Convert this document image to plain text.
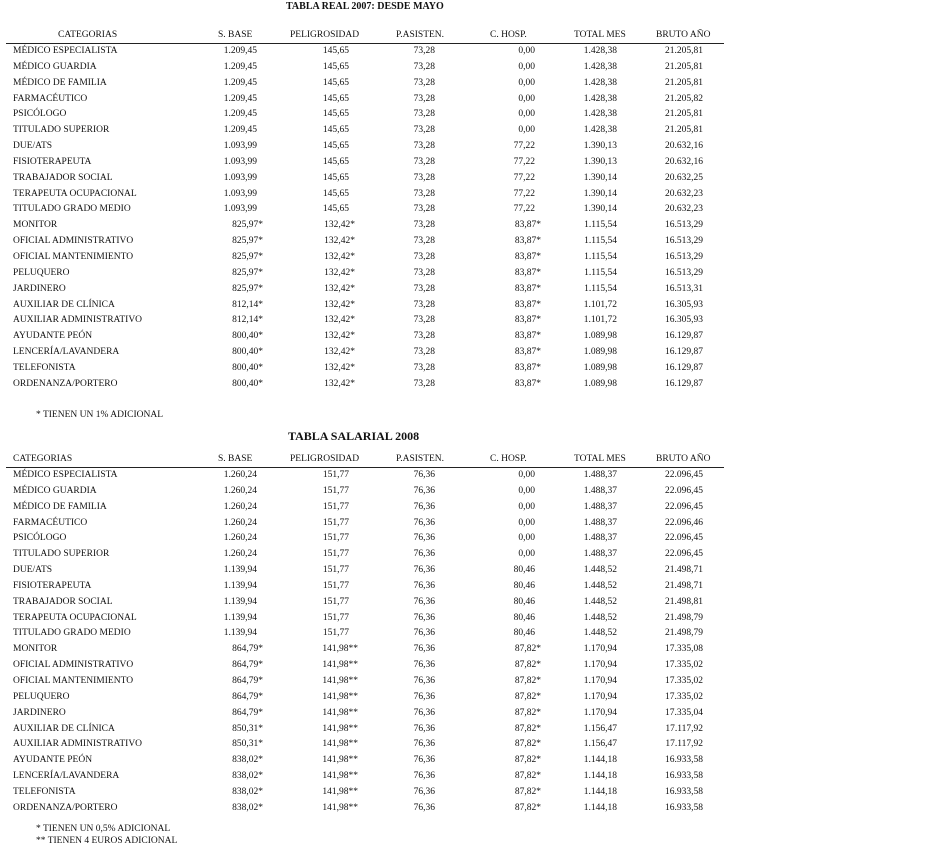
TABLA REAL 2007: DESDE MAYO
CATEGORIAS	S. BASE	PELIGROSIDAD	P.ASISTEN.	C. HOSP.	TOTAL MES	BRUTO AÑO
MÉDICO ESPECIALISTA	1.209,45	145,65	73,28	0,00	1.428,38	21.205,81
MÉDICO GUARDIA	1.209,45	145,65	73,28	0,00	1.428,38	21.205,81
MÉDICO DE FAMILIA	1.209,45	145,65	73,28	0,00	1.428,38	21.205,81
FARMACÉUTICO	1.209,45	145,65	73,28	0,00	1.428,38	21.205,82
PSICÓLOGO	1.209,45	145,65	73,28	0,00	1.428,38	21.205,81
TITULADO SUPERIOR	1.209,45	145,65	73,28	0,00	1.428,38	21.205,81
DUE/ATS	1.093,99	145,65	73,28	77,22	1.390,13	20.632,16
FISIOTERAPEUTA	1.093,99	145,65	73,28	77,22	1.390,13	20.632,16
TRABAJADOR SOCIAL	1.093,99	145,65	73,28	77,22	1.390,14	20.632,25
TERAPEUTA OCUPACIONAL	1.093,99	145,65	73,28	77,22	1.390,14	20.632,23
TITULADO GRADO MEDIO	1.093,99	145,65	73,28	77,22	1.390,14	20.632,23
MONITOR	825,97*	132,42*	73,28	83,87*	1.115,54	16.513,29
OFICIAL ADMINISTRATIVO	825,97*	132,42*	73,28	83,87*	1.115,54	16.513,29
OFICIAL MANTENIMIENTO	825,97*	132,42*	73,28	83,87*	1.115,54	16.513,29
PELUQUERO	825,97*	132,42*	73,28	83,87*	1.115,54	16.513,29
JARDINERO	825,97*	132,42*	73,28	83,87*	1.115,54	16.513,31
AUXILIAR DE CLÍNICA	812,14*	132,42*	73,28	83,87*	1.101,72	16.305,93
AUXILIAR ADMINISTRATIVO	812,14*	132,42*	73,28	83,87*	1.101,72	16.305,93
AYUDANTE PEÓN	800,40*	132,42*	73,28	83,87*	1.089,98	16.129,87
LENCERÍA/LAVANDERA	800,40*	132,42*	73,28	83,87*	1.089,98	16.129,87
TELEFONISTA	800,40*	132,42*	73,28	83,87*	1.089,98	16.129,87
ORDENANZA/PORTERO	800,40*	132,42*	73,28	83,87*	1.089,98	16.129,87
* TIENEN UN 1% ADICIONAL
TABLA SALARIAL 2008
CATEGORIAS	S. BASE	PELIGROSIDAD	P.ASISTEN.	C. HOSP.	TOTAL MES	BRUTO AÑO
MÉDICO ESPECIALISTA	1.260,24	151,77	76,36	0,00	1.488,37	22.096,45
MÉDICO GUARDIA	1.260,24	151,77	76,36	0,00	1.488,37	22.096,45
MÉDICO DE FAMILIA	1.260,24	151,77	76,36	0,00	1.488,37	22.096,45
FARMACÉUTICO	1.260,24	151,77	76,36	0,00	1.488,37	22.096,46
PSICÓLOGO	1.260,24	151,77	76,36	0,00	1.488,37	22.096,45
TITULADO SUPERIOR	1.260,24	151,77	76,36	0,00	1.488,37	22.096,45
DUE/ATS	1.139,94	151,77	76,36	80,46	1.448,52	21.498,71
FISIOTERAPEUTA	1.139,94	151,77	76,36	80,46	1.448,52	21.498,71
TRABAJADOR SOCIAL	1.139,94	151,77	76,36	80,46	1.448,52	21.498,81
TERAPEUTA OCUPACIONAL	1.139,94	151,77	76,36	80,46	1.448,52	21.498,79
TITULADO GRADO MEDIO	1.139,94	151,77	76,36	80,46	1.448,52	21.498,79
MONITOR	864,79*	141,98**	76,36	87,82*	1.170,94	17.335,08
OFICIAL ADMINISTRATIVO	864,79*	141,98**	76,36	87,82*	1.170,94	17.335,02
OFICIAL MANTENIMIENTO	864,79*	141,98**	76,36	87,82*	1.170,94	17.335,02
PELUQUERO	864,79*	141,98**	76,36	87,82*	1.170,94	17.335,02
JARDINERO	864,79*	141,98**	76,36	87,82*	1.170,94	17.335,04
AUXILIAR DE CLÍNICA	850,31*	141,98**	76,36	87,82*	1.156,47	17.117,92
AUXILIAR ADMINISTRATIVO	850,31*	141,98**	76,36	87,82*	1.156,47	17.117,92
AYUDANTE PEÓN	838,02*	141,98**	76,36	87,82*	1.144,18	16.933,58
LENCERÍA/LAVANDERA	838,02*	141,98**	76,36	87,82*	1.144,18	16.933,58
TELEFONISTA	838,02*	141,98**	76,36	87,82*	1.144,18	16.933,58
ORDENANZA/PORTERO	838,02*	141,98**	76,36	87,82*	1.144,18	16.933,58
* TIENEN UN 0,5% ADICIONAL
** TIENEN 4 EUROS ADICIONAL
